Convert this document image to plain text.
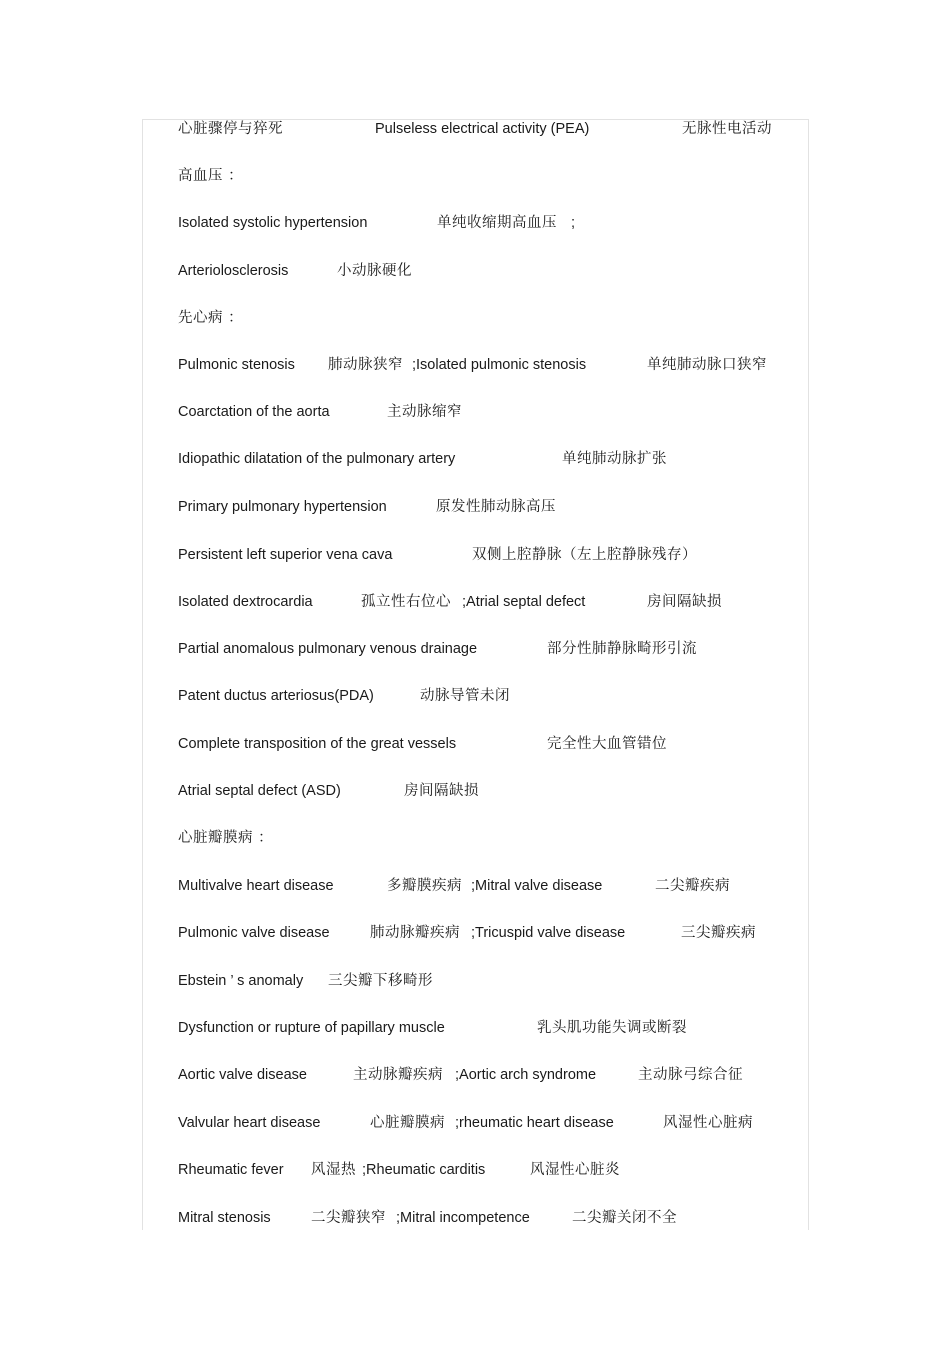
心脏骤停与猝死	Pulseless electrical activity (PEA)	无脉性电活动
高血压 ：
Isolated systolic hypertension	单纯收缩期高血压 ;
Arteriolosclerosis	小动脉硬化
先心病 ：
Pulmonic stenosis 肺动脉狭窄 ;Isolated pulmonic stenosis	单纯肺动脉口狭窄
Coarctation of the aorta	主动脉缩窄
Idiopathic dilatation of the pulmonary artery	单纯肺动脉扩张
Primary pulmonary hypertension	原发性肺动脉高压
Persistent left superior vena cava	双侧上腔静脉（左上腔静脉残存）
Isolated dextrocardia	孤立性右位心 ;Atrial septal defect	房间隔缺损
Partial anomalous pulmonary venous drainage	部分性肺静脉畸形引流
Patent ductus arteriosus(PDA)	动脉导管未闭
Complete transposition of the great vessels	完全性大血管错位
Atrial septal defect (ASD)	房间隔缺损
心脏瓣膜病 ：
Multivalve heart disease	多瓣膜疾病 ;Mitral valve disease	二尖瓣疾病
Pulmonic valve disease	肺动脉瓣疾病 ;Tricuspid valve disease	三尖瓣疾病
Ebstein ’ s anomaly 三尖瓣下移畸形
Dysfunction or rupture of papillary muscle	乳头肌功能失调或断裂
Aortic valve disease	主动脉瓣疾病 ;Aortic arch syndrome	主动脉弓综合征
Valvular heart disease	心脏瓣膜病 ;rheumatic heart disease	风湿性心脏病
Rheumatic fever 风湿热 ;Rheumatic carditis	风湿性心脏炎
Mitral stenosis	二尖瓣狭窄 ;Mitral incompetence	二尖瓣关闭不全
